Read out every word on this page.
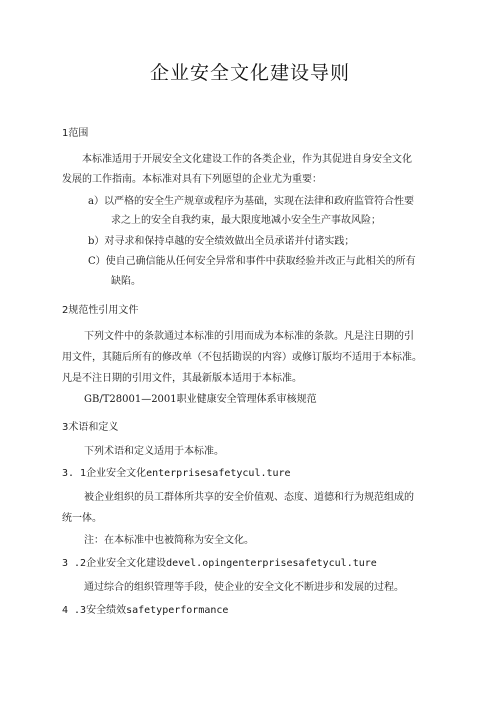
企业安全文化建设导则
1范围
本标准适用于开展安全文化建设工作的各类企业，作为其促进自身安全文化
发展的工作指南。本标准对具有下列愿望的企业尤为重要：
a）以严格的安全生产规章或程序为基础，实现在法律和政府监管符合性要
求之上的安全自我约束，最大限度地减小安全生产事故风险；
b）对寻求和保持卓越的安全绩效做出全员承诺并付诸实践；
C）使自己确信能从任何安全异常和事件中获取经验并改正与此相关的所有
缺陷。
2规范性引用文件
下列文件中的条款通过本标准的引用而成为本标准的条款。凡是注日期的引
用文件，其随后所有的修改单（不包括勘误的内容）或修订版均不适用于本标准。
凡是不注日期的引用文件，其最新版本适用于本标准。
GB/T28001—2001职业健康安全管理体系审核规范
3术语和定义
下列术语和定义适用于本标准。
3. 1企业安全文化enterprisesafetycul.ture
被企业组织的员工群体所共享的安全价值观、态度、道德和行为规范组成的
统一体。
注：在本标准中也被简称为安全文化。
3 .2企业安全文化建设devel.opingenterprisesafetycul.ture
通过综合的组织管理等手段，使企业的安全文化不断进步和发展的过程。
4 .3安全绩效safetyperformance
